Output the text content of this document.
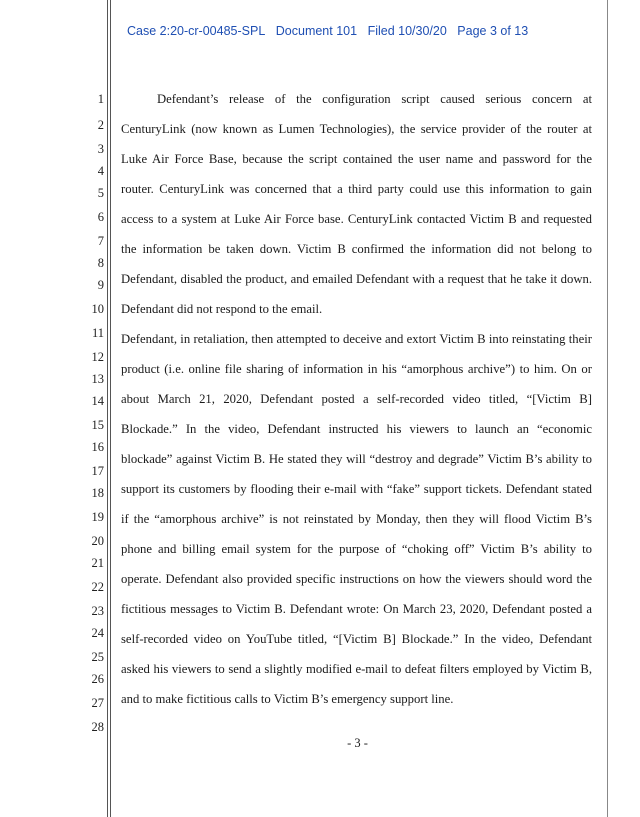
Case 2:20-cr-00485-SPL Document 101 Filed 10/30/20 Page 3 of 13
1
2
3
4
5
6
7
8
9
10
11
12
13
14
15
16
17
18
19
20
21
22
23
24
25
26
27
28

Defendant’s release of the configuration script caused serious concern at CenturyLink (now known as Lumen Technologies), the service provider of the router at Luke Air Force Base, because the script contained the user name and password for the router. CenturyLink was concerned that a third party could use this information to gain access to a system at Luke Air Force base. CenturyLink contacted Victim B and requested the information be taken down. Victim B confirmed the information did not belong to Defendant, disabled the product, and emailed Defendant with a request that he take it down. Defendant did not respond to the email.

Defendant, in retaliation, then attempted to deceive and extort Victim B into reinstating their product (i.e. online file sharing of information in his “amorphous archive”) to him. On or about March 21, 2020, Defendant posted a self-recorded video titled, “[Victim B] Blockade.” In the video, Defendant instructed his viewers to launch an “economic blockade” against Victim B. He stated they will “destroy and degrade” Victim B’s ability to support its customers by flooding their e-mail with “fake” support tickets. Defendant stated if the “amorphous archive” is not reinstated by Monday, then they will flood Victim B’s phone and billing email system for the purpose of “choking off” Victim B’s ability to operate. Defendant also provided specific instructions on how the viewers should word the fictitious messages to Victim B. Defendant wrote: On March 23, 2020, Defendant posted a self-recorded video on YouTube titled, “[Victim B] Blockade.” In the video, Defendant asked his viewers to send a slightly modified e-mail to defeat filters employed by Victim B, and to make fictitious calls to Victim B’s emergency support line.

- 3 -
